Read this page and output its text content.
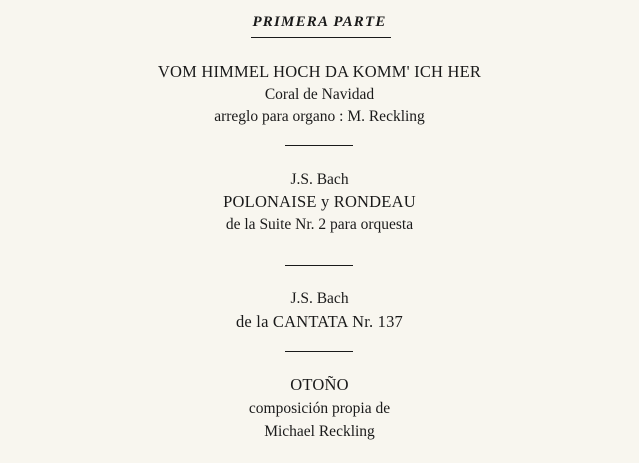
PRIMERA PARTE
VOM HIMMEL HOCH DA KOMM' ICH HER
Coral de Navidad
arreglo para organo : M. Reckling
J.S. Bach
POLONAISE y RONDEAU
de la Suite Nr. 2 para orquesta
J.S. Bach
de la CANTATA Nr. 137
OTOÑO
composición propia de
Michael Reckling
